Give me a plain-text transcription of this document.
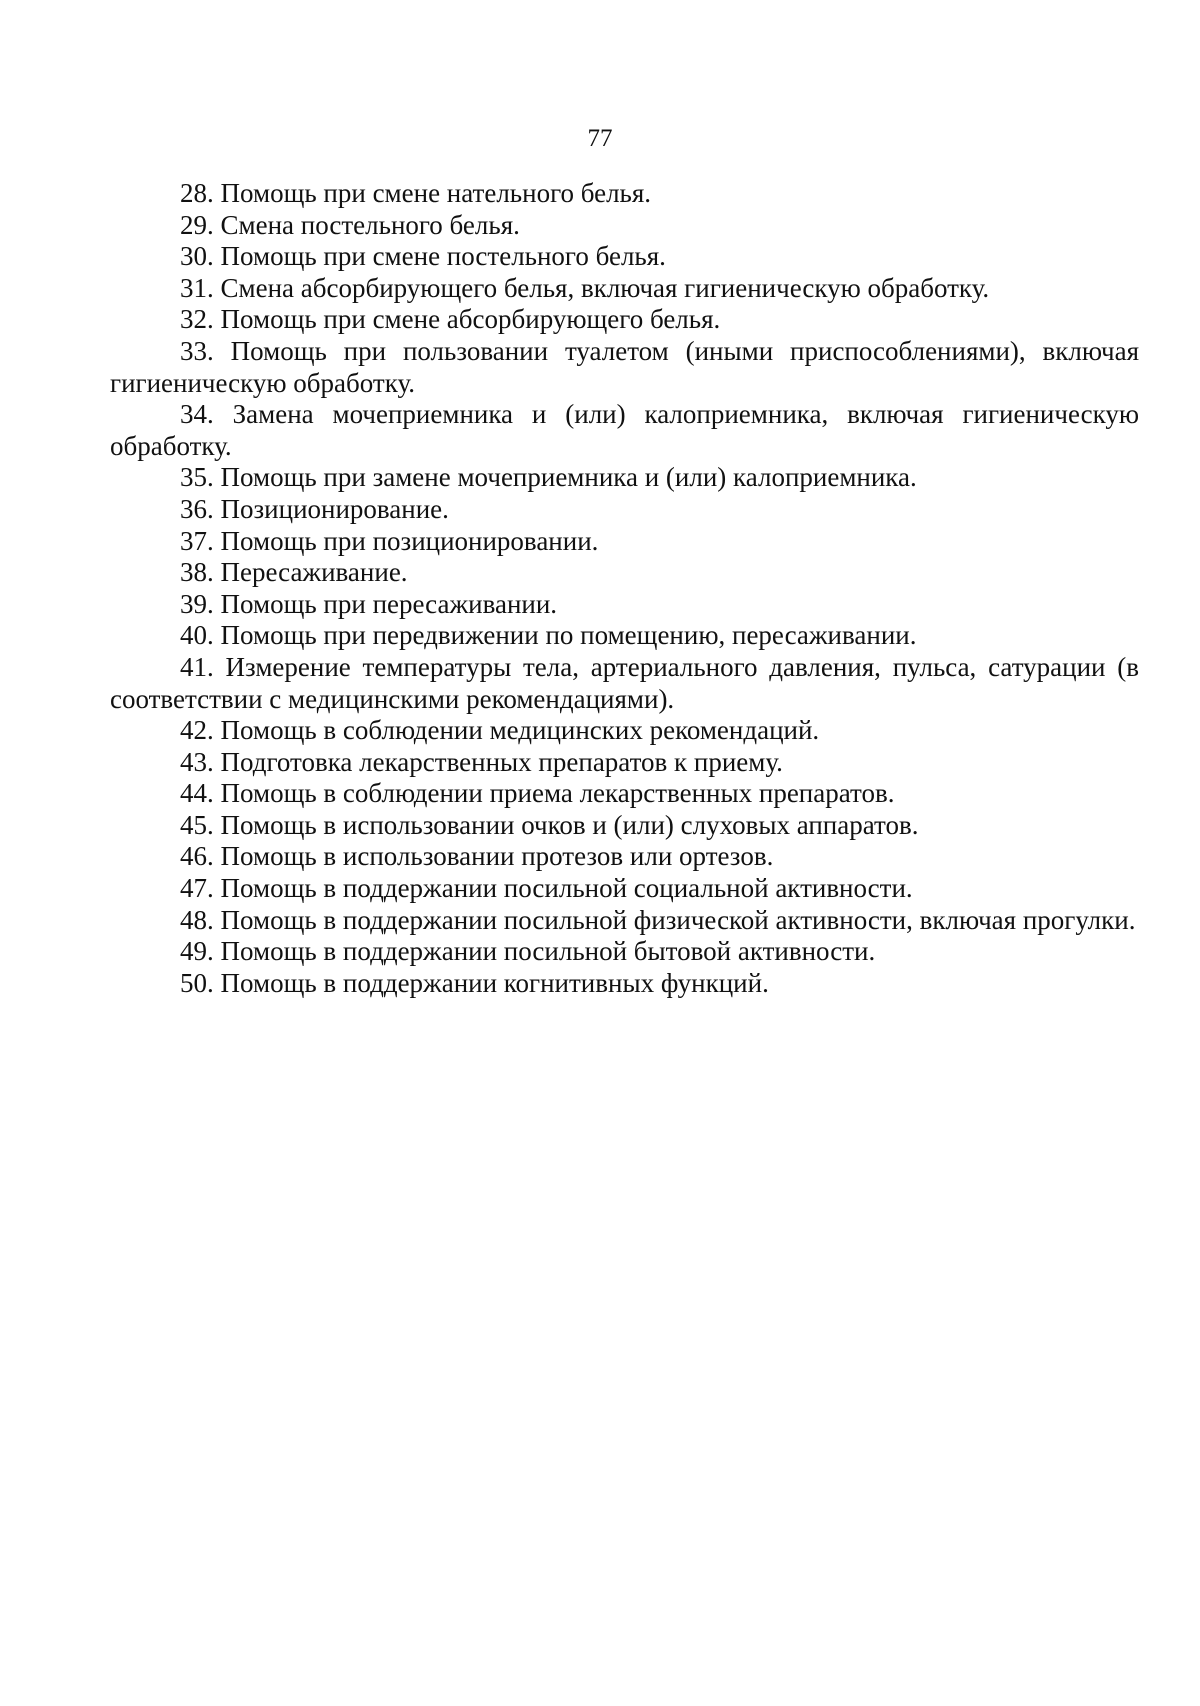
77

28. Помощь при смене нательного белья.

29. Смена постельного белья.

30. Помощь при смене постельного белья.

31. Смена абсорбирующего белья, включая гигиеническую обработку.

32. Помощь при смене абсорбирующего белья.

33. Помощь при пользовании туалетом (иными приспособлениями), включая гигиеническую обработку.

34. Замена мочеприемника и (или) калоприемника, включая гигиеническую обработку.

35. Помощь при замене мочеприемника и (или) калоприемника.

36. Позиционирование.

37. Помощь при позиционировании.

38. Пересаживание.

39. Помощь при пересаживании.

40. Помощь при передвижении по помещению, пересаживании.

41. Измерение температуры тела, артериального давления, пульса, сатурации (в соответствии с медицинскими рекомендациями).

42. Помощь в соблюдении медицинских рекомендаций.

43. Подготовка лекарственных препаратов к приему.

44. Помощь в соблюдении приема лекарственных препаратов.

45. Помощь в использовании очков и (или) слуховых аппаратов.

46. Помощь в использовании протезов или ортезов.

47. Помощь в поддержании посильной социальной активности.

48. Помощь в поддержании посильной физической активности, включая прогулки.

49. Помощь в поддержании посильной бытовой активности.

50. Помощь в поддержании когнитивных функций.
